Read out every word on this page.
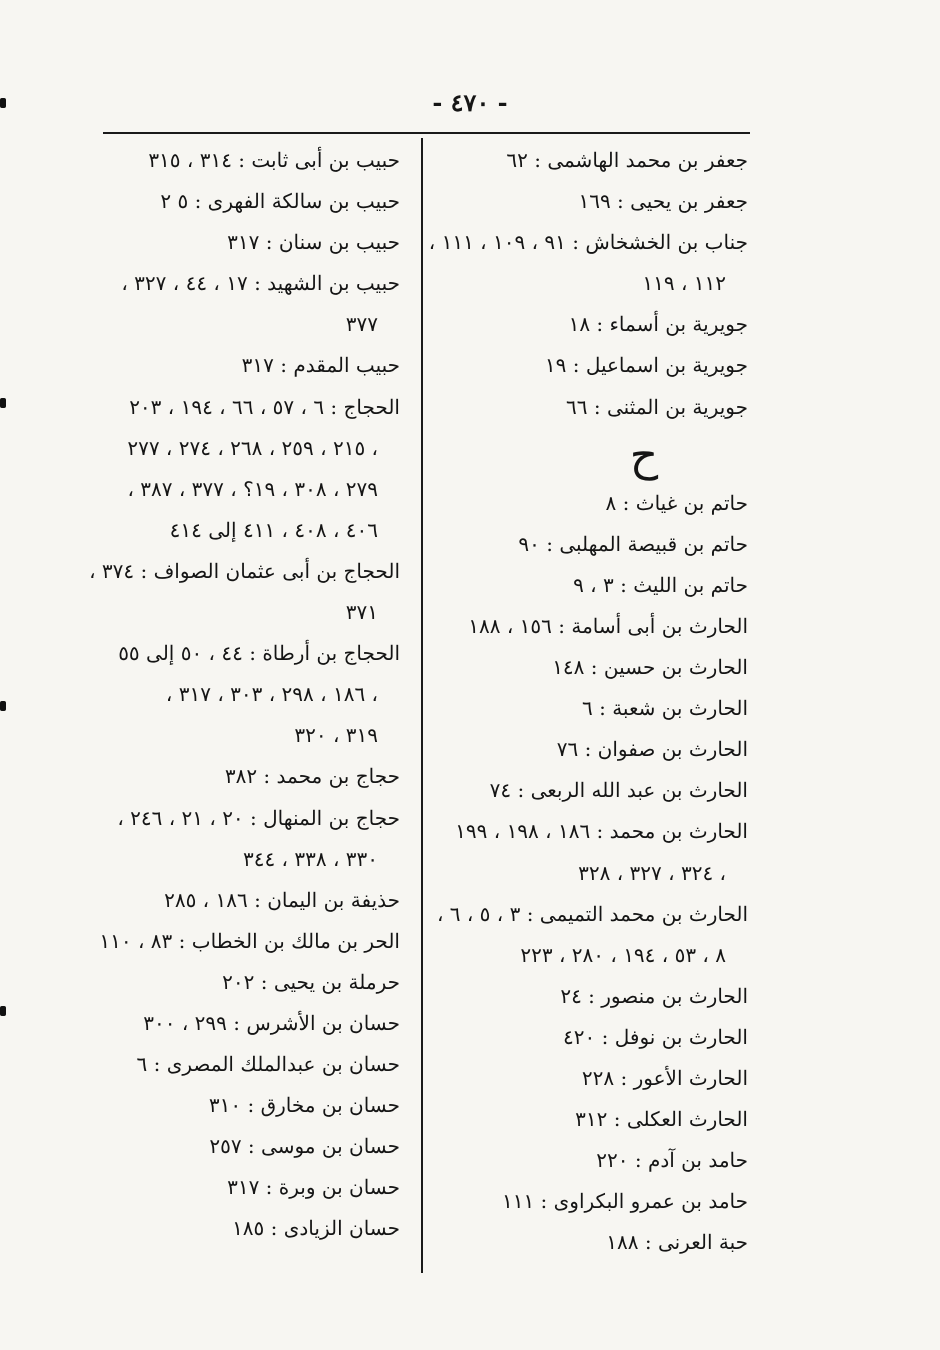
- ٤٧٠ -
جعفر بن محمد الهاشمى : ٦٢
جعفر بن يحيى : ١٦٩
جناب بن الخشخاش : ٩١ ، ١٠٩ ، ١١١ ،
١١٢ ، ١١٩
جويرية بن أسماء : ١٨
جويرية بن اسماعيل : ١٩
جويرية بن المثنى : ٦٦
ح
حاتم بن غياث : ٨
حاتم بن قبيصة المهلبى : ٩٠
حاتم بن الليث : ٣ ، ٩
الحارث بن أبى أسامة : ١٥٦ ، ١٨٨
الحارث بن حسين : ١٤٨
الحارث بن شعبة : ٦
الحارث بن صفوان : ٧٦
الحارث بن عبد الله الربعى : ٧٤
الحارث بن محمد : ١٨٦ ، ١٩٨ ، ١٩٩
، ٣٢٤ ، ٣٢٧ ، ٣٢٨
الحارث بن محمد التميمى : ٣ ، ٥ ، ٦ ،
٨ ، ٥٣ ، ١٩٤ ، ٢٨٠ ، ٢٢٣
الحارث بن منصور : ٢٤
الحارث بن نوفل : ٤٢٠
الحارث الأعور : ٢٢٨
الحارث العكلى : ٣١٢
حامد بن آدم : ٢٢٠
حامد بن عمرو البكراوى : ١١١
حبة العرنى : ١٨٨
حبيب بن أبى ثابت : ٣١٤ ، ٣١٥
حبيب بن سالكة الفهرى : ٥ ٢
حبيب بن سنان : ٣١٧
حبيب بن الشهيد : ١٧ ، ٤٤ ، ٣٢٧ ،
٣٧٧
حبيب المقدم : ٣١٧
الحجاج : ٦ ، ٥٧ ، ٦٦ ، ١٩٤ ، ٢٠٣
، ٢١٥ ، ٢٥٩ ، ٢٦٨ ، ٢٧٤ ، ٢٧٧
٢٧٩ ، ٣٠٨ ، ١٩؟ ، ٣٧٧ ، ٣٨٧ ،
٤٠٦ ، ٤٠٨ ، ٤١١ إلى ٤١٤
الحجاج بن أبى عثمان الصواف : ٣٧٤ ،
٣٧١
الحجاج بن أرطاة : ٤٤ ، ٥٠ إلى ٥٥
، ١٨٦ ، ٢٩٨ ، ٣٠٣ ، ٣١٧ ،
٣١٩ ، ٣٢٠
حجاج بن محمد : ٣٨٢
حجاج بن المنهال : ٢٠ ، ٢١ ، ٢٤٦ ،
٣٣٠ ، ٣٣٨ ، ٣٤٤
حذيفة بن اليمان : ١٨٦ ، ٢٨٥
الحر بن مالك بن الخطاب : ٨٣ ، ١١٠
حرملة بن يحيى : ٢٠٢
حسان بن الأشرس : ٢٩٩ ، ٣٠٠
حسان بن عبدالملك المصرى : ٦
حسان بن مخارق : ٣١٠
حسان بن موسى : ٢٥٧
حسان بن وبرة : ٣١٧
حسان الزيادى : ١٨٥
